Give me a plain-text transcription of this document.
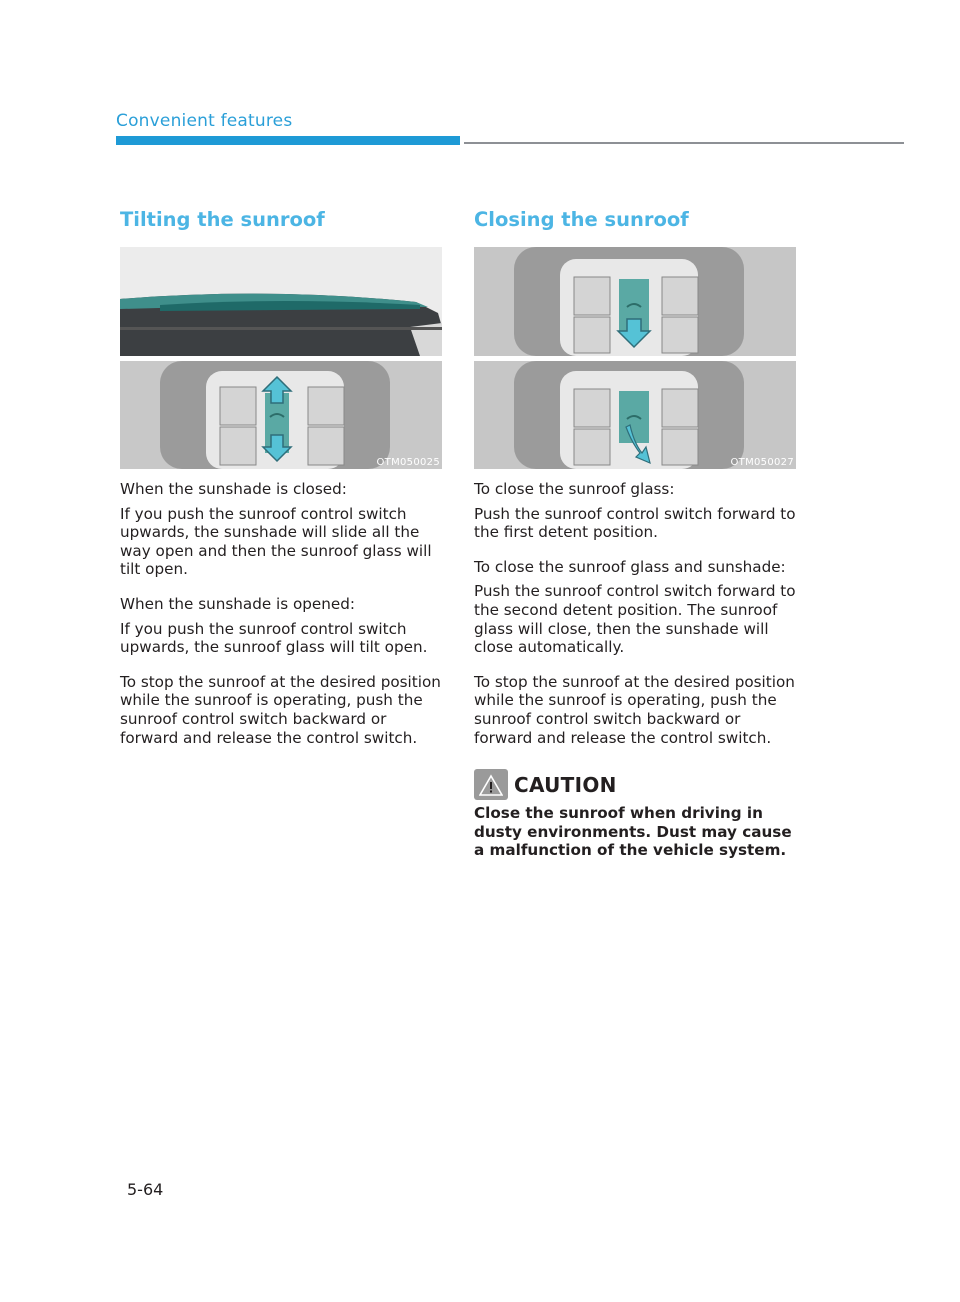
Convenient features
Tilting the sunroof
OTM050025

When the sunshade is closed:

If you push the sunroof control switch upwards, the sunshade will slide all the way open and then the sunroof glass will tilt open.

When the sunshade is opened:

If you push the sunroof control switch upwards, the sunroof glass will tilt open.

To stop the sunroof at the desired position while the sunroof is operating, push the sunroof control switch backward or forward and release the control switch.

Closing the sunroof
OTM050027

To close the sunroof glass:

Push the sunroof control switch forward to the first detent position.

To close the sunroof glass and sunshade:

Push the sunroof control switch forward to the second detent position. The sunroof glass will close, then the sunshade will close automatically.

To stop the sunroof at the desired position while the sunroof is operating, push the sunroof control switch backward or forward and release the control switch.

CAUTION

Close the sunroof when driving in dusty environments. Dust may cause a malfunction of the vehicle system.

5-64
